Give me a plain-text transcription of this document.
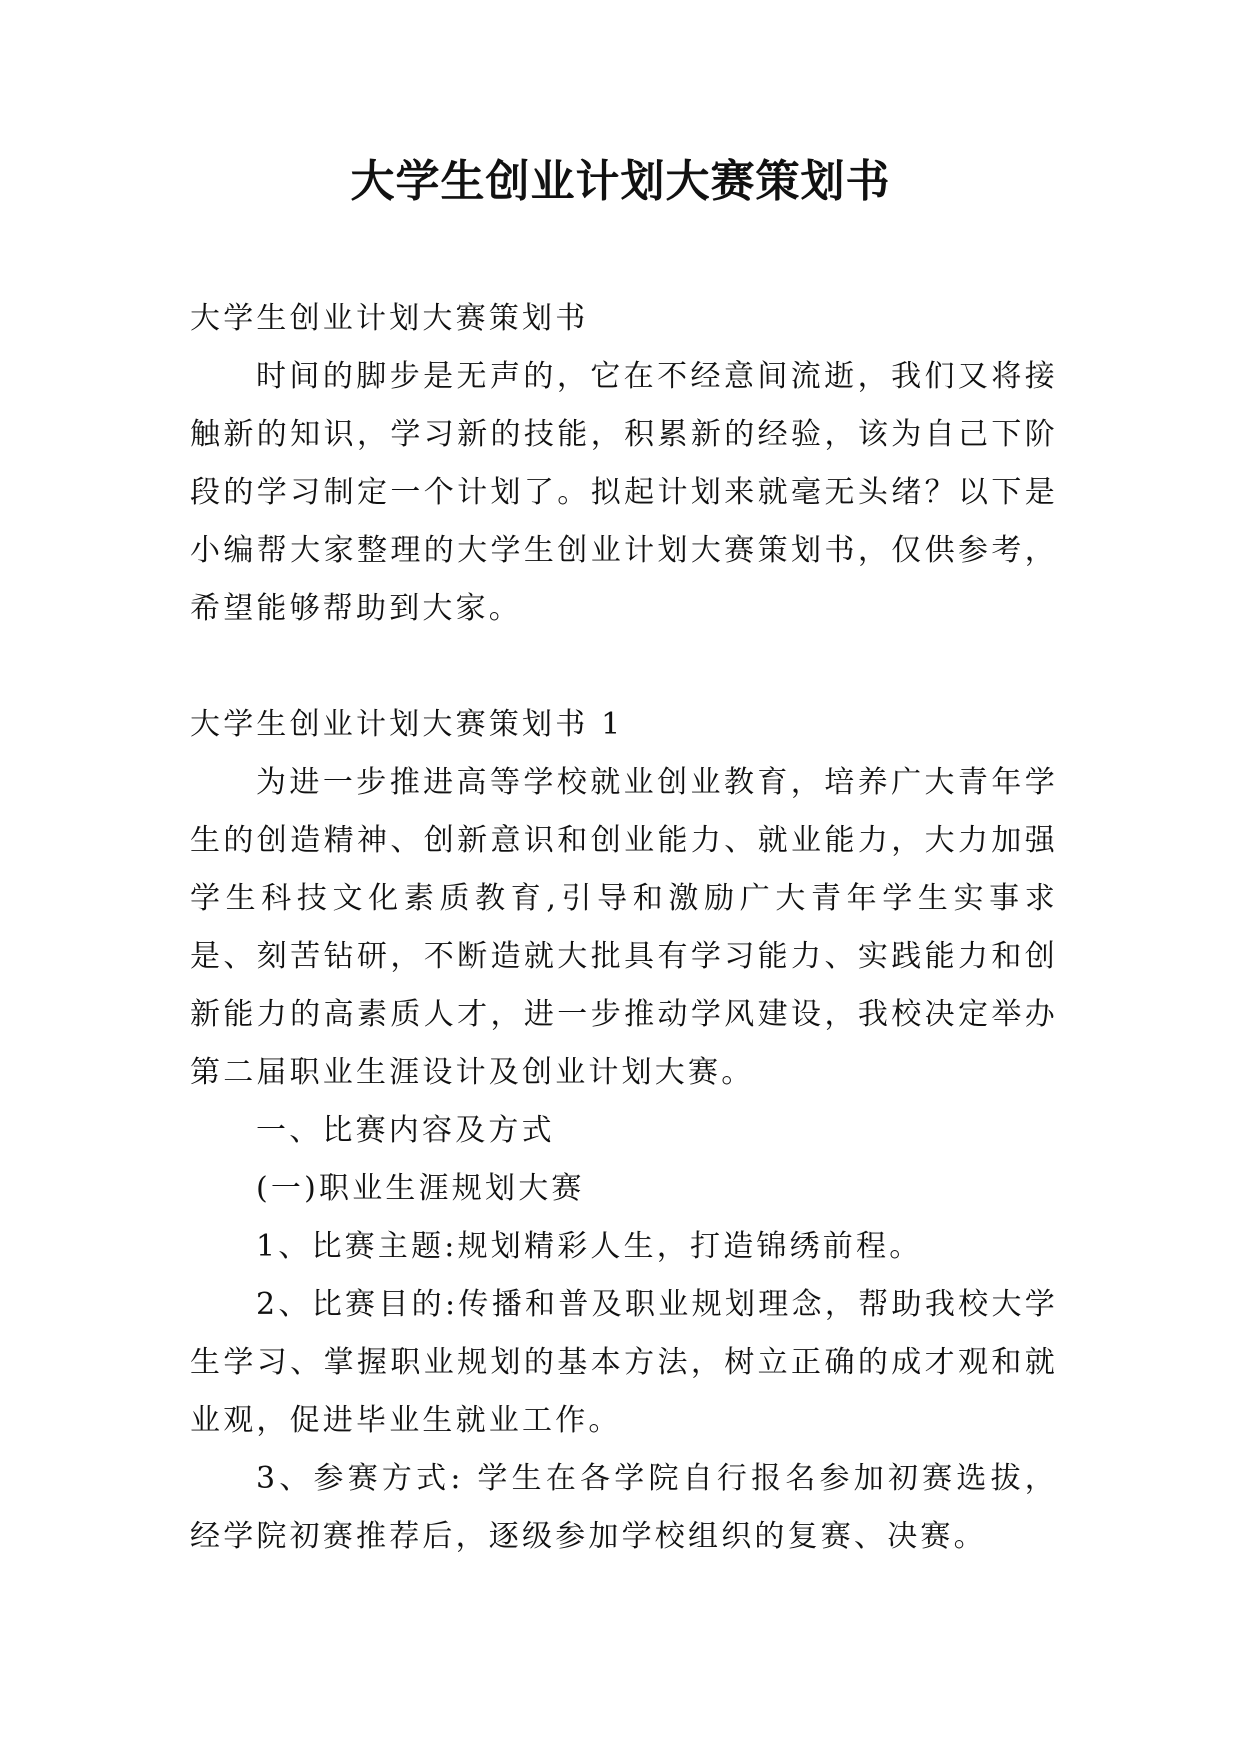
大学生创业计划大赛策划书

大学生创业计划大赛策划书

时间的脚步是无声的，它在不经意间流逝，我们又将接触新的知识，学习新的技能，积累新的经验，该为自己下阶段的学习制定一个计划了。拟起计划来就毫无头绪？以下是小编帮大家整理的大学生创业计划大赛策划书，仅供参考，希望能够帮助到大家。

大学生创业计划大赛策划书 1

为进一步推进高等学校就业创业教育，培养广大青年学生的创造精神、创新意识和创业能力、就业能力，大力加强学生科技文化素质教育,引导和激励广大青年学生实事求是、刻苦钻研，不断造就大批具有学习能力、实践能力和创新能力的高素质人才，进一步推动学风建设，我校决定举办第二届职业生涯设计及创业计划大赛。

一、比赛内容及方式

(一)职业生涯规划大赛

1、比赛主题:规划精彩人生，打造锦绣前程。

2、比赛目的:传播和普及职业规划理念，帮助我校大学生学习、掌握职业规划的基本方法，树立正确的成才观和就业观，促进毕业生就业工作。

3、参赛方式: 学生在各学院自行报名参加初赛选拔，经学院初赛推荐后，逐级参加学校组织的复赛、决赛。
